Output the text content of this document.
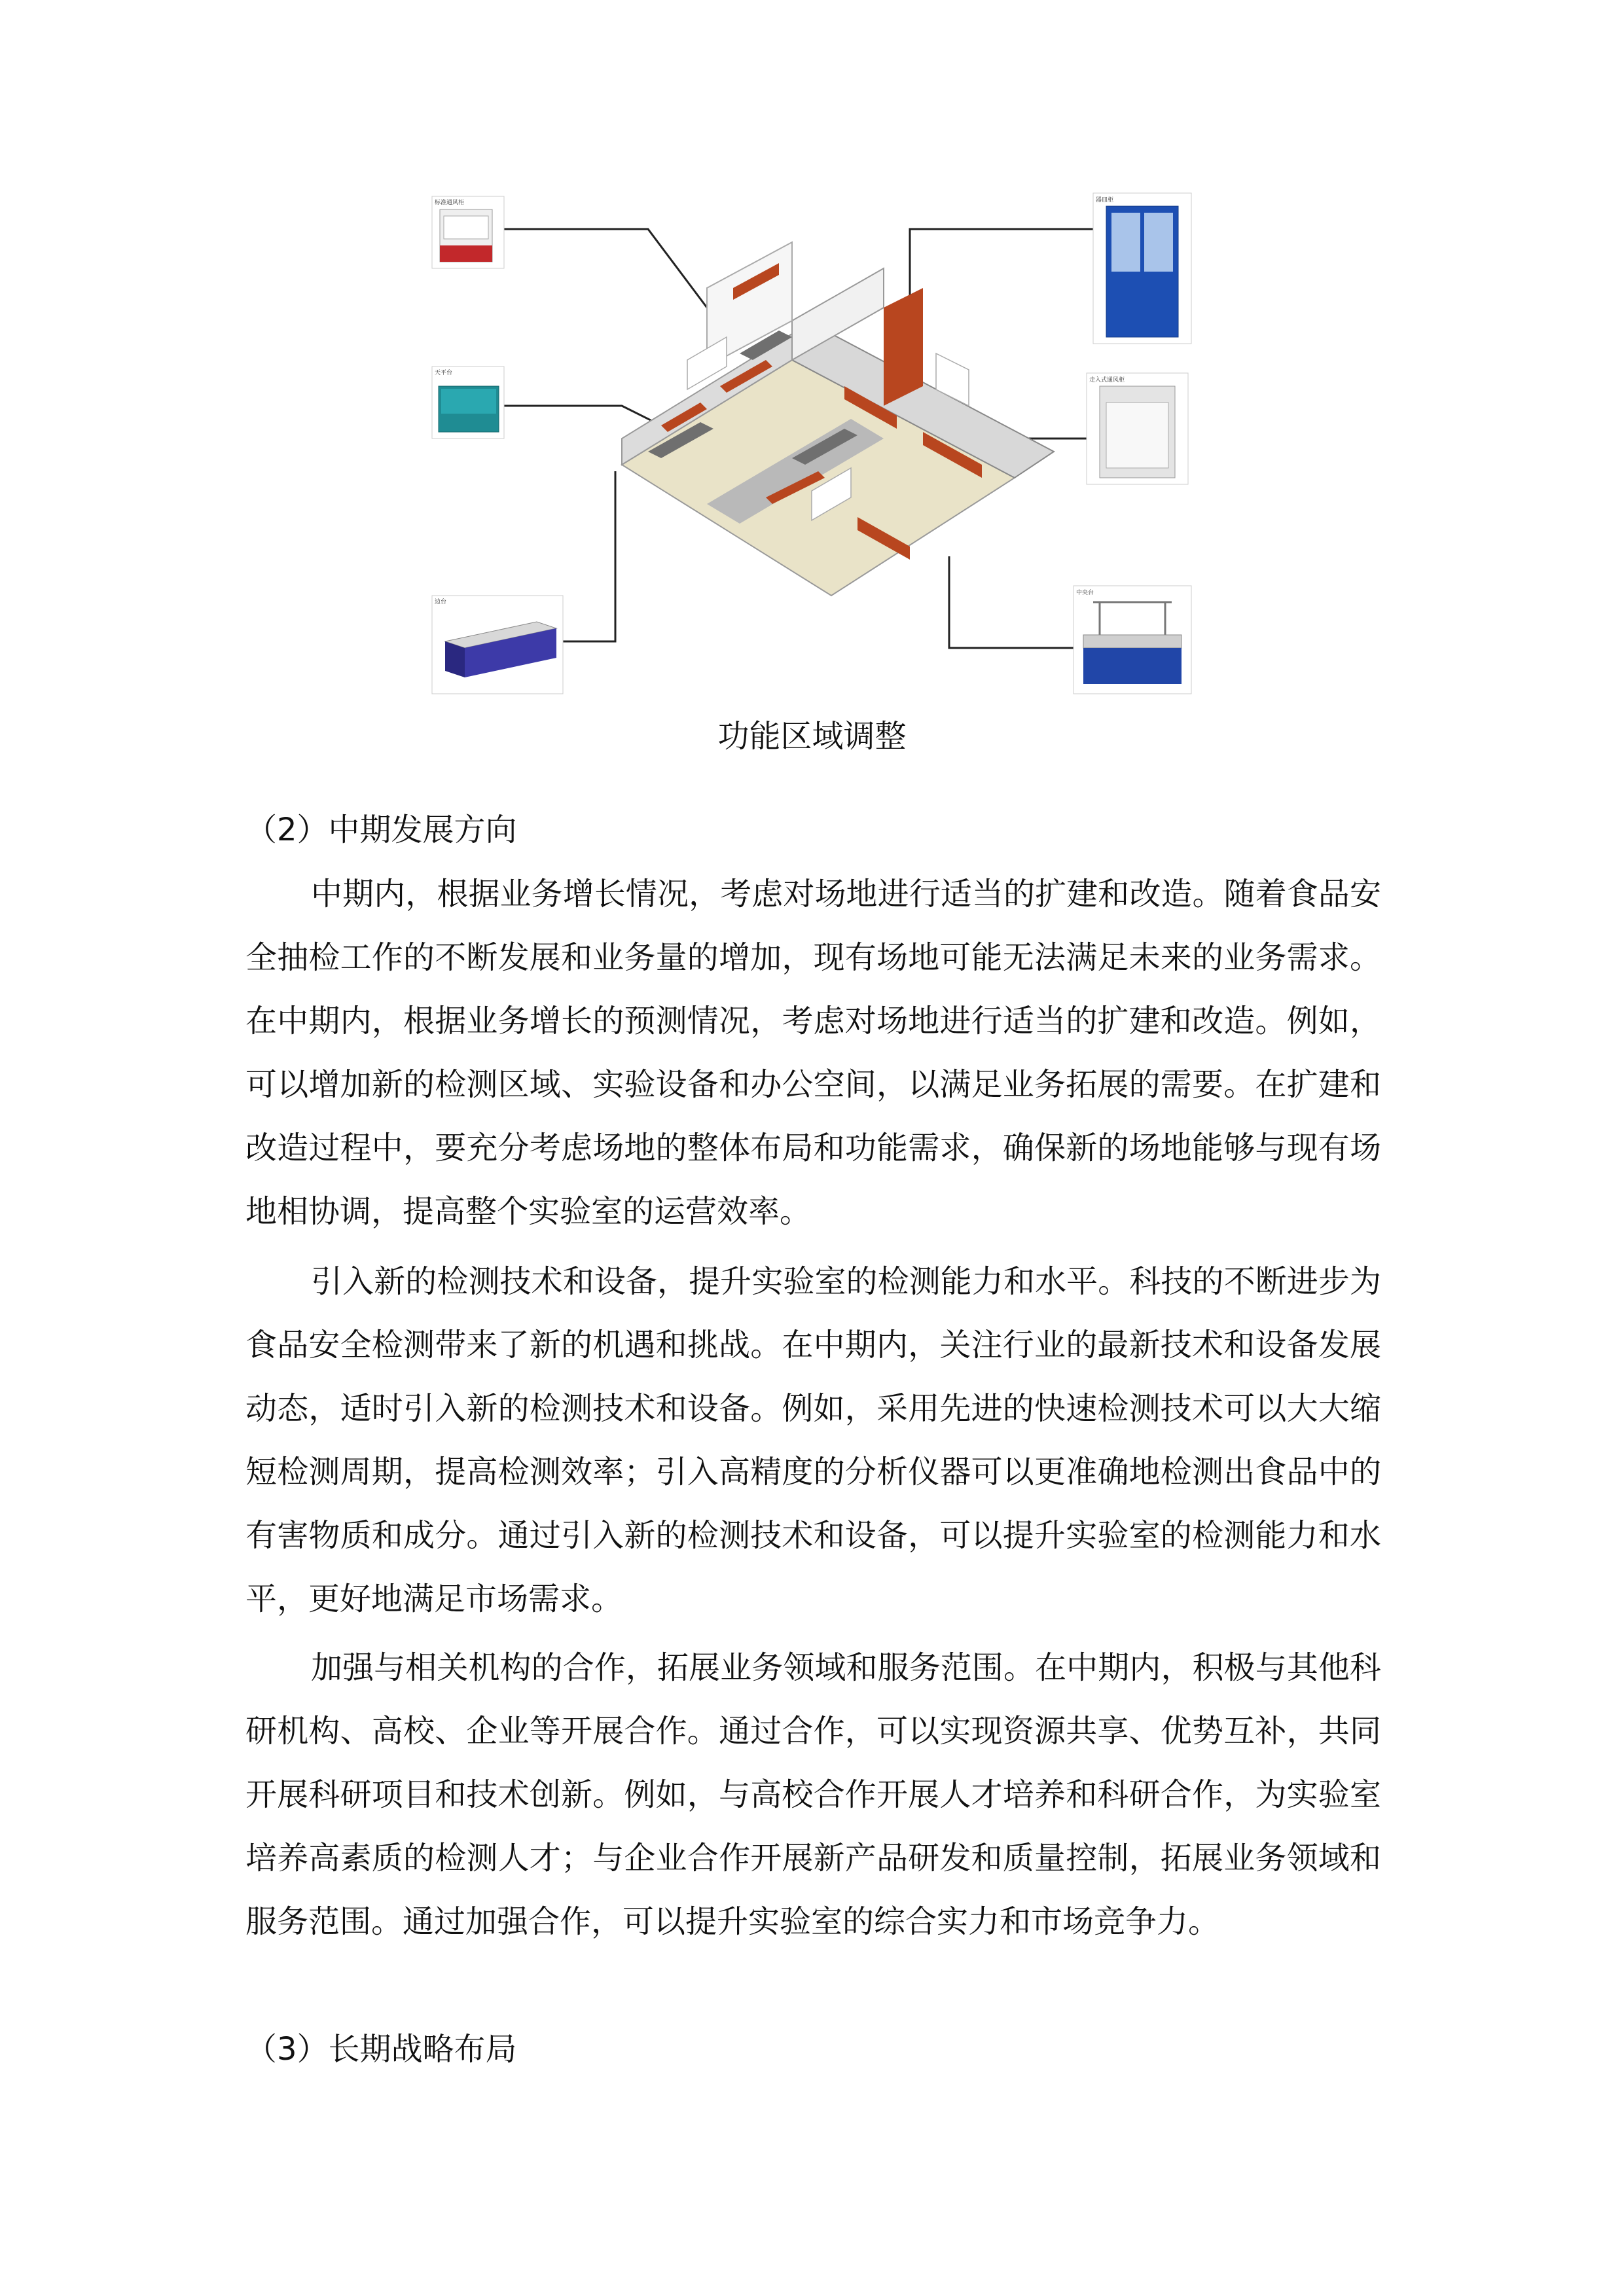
标准通风柜
天平台
边台
器皿柜
走入式通风柜
中央台
功能区域调整
（2）中期发展方向

中期内，根据业务增长情况，考虑对场地进行适当的扩建和改造。随着食品安全抽检工作的不断发展和业务量的增加，现有场地可能无法满足未来的业务需求。在中期内，根据业务增长的预测情况，考虑对场地进行适当的扩建和改造。例如，可以增加新的检测区域、实验设备和办公空间，以满足业务拓展的需要。在扩建和改造过程中，要充分考虑场地的整体布局和功能需求，确保新的场地能够与现有场地相协调，提高整个实验室的运营效率。

引入新的检测技术和设备，提升实验室的检测能力和水平。科技的不断进步为食品安全检测带来了新的机遇和挑战。在中期内，关注行业的最新技术和设备发展动态，适时引入新的检测技术和设备。例如，采用先进的快速检测技术可以大大缩短检测周期，提高检测效率；引入高精度的分析仪器可以更准确地检测出食品中的有害物质和成分。通过引入新的检测技术和设备，可以提升实验室的检测能力和水平，更好地满足市场需求。

加强与相关机构的合作，拓展业务领域和服务范围。在中期内，积极与其他科研机构、高校、企业等开展合作。通过合作，可以实现资源共享、优势互补，共同开展科研项目和技术创新。例如，与高校合作开展人才培养和科研合作，为实验室培养高素质的检测人才；与企业合作开展新产品研发和质量控制，拓展业务领域和服务范围。通过加强合作，可以提升实验室的综合实力和市场竞争力。

（3）长期战略布局
